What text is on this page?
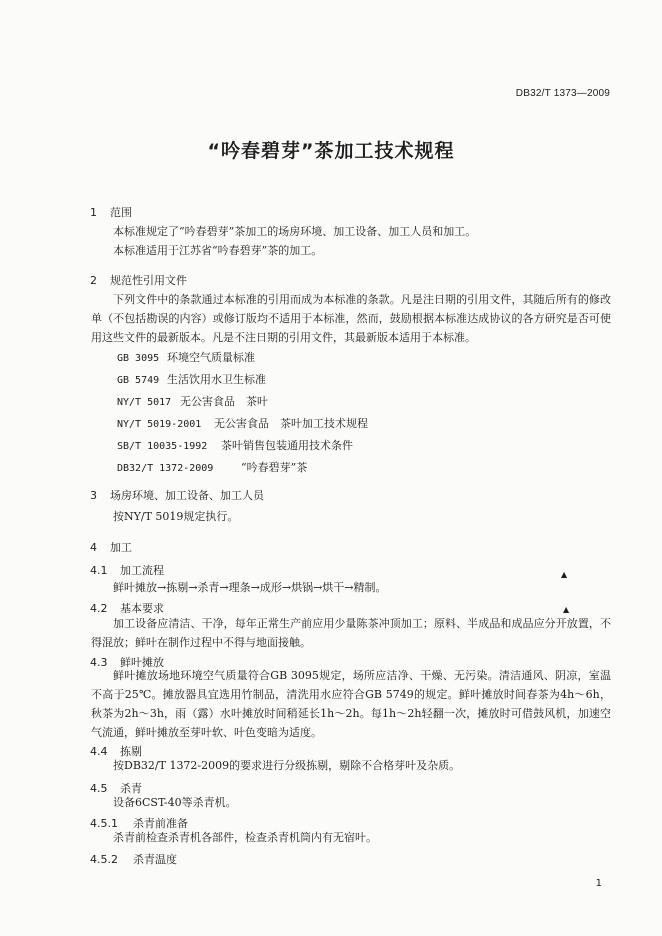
DB32/T 1373—2009
“吟春碧芽”茶加工技术规程
1 范围
本标准规定了“吟春碧芽”茶加工的场房环境、加工设备、加工人员和加工。
本标准适用于江苏省“吟春碧芽”茶的加工。
2 规范性引用文件
下列文件中的条款通过本标准的引用而成为本标准的条款。凡是注日期的引用文件，其随后所有的修改单（不包括勘误的内容）或修订版均不适用于本标准，然而，鼓励根据本标准达成协议的各方研究是否可使用这些文件的最新版本。凡是不注日期的引用文件，其最新版本适用于本标准。
GB 3095 环境空气质量标准
GB 5749 生活饮用水卫生标准
NY/T 5017 无公害食品　茶叶
NY/T 5019-2001 无公害食品　茶叶加工技术规程
SB/T 10035-1992 茶叶销售包装通用技术条件
DB32/T 1372-2009	“吟春碧芽”茶
3 场房环境、加工设备、加工人员
按NY/T 5019规定执行。
4 加工
4.1 加工流程
鲜叶摊放→拣剔→杀青→理条→成形→烘锅→烘干→精制。
▲
4.2 基本要求	▲
加工设备应清洁、干净，每年正常生产前应用少量陈茶冲顶加工；原料、半成品和成品应分开放置，不得混放；鲜叶在制作过程中不得与地面接触。
4.3 鲜叶摊放
鲜叶摊放场地环境空气质量符合GB 3095规定，场所应洁净、干燥、无污染。清洁通风、阴凉，室温不高于25℃。摊放器具宜选用竹制品，清洗用水应符合GB 5749的规定。鲜叶摊放时间春茶为4h～6h，秋茶为2h～3h，雨（露）水叶摊放时间稍延长1h～2h。每1h～2h轻翻一次，摊放时可借鼓风机，加速空气流通，鲜叶摊放至芽叶软、叶色变暗为适度。
4.4 拣剔
按DB32/T 1372-2009的要求进行分级拣剔，剔除不合格芽叶及杂质。
4.5 杀青
设备6CST-40等杀青机。
4.5.1 杀青前准备
杀青前检查杀青机各部件，检查杀青机筒内有无宿叶。
4.5.2 杀青温度
1
